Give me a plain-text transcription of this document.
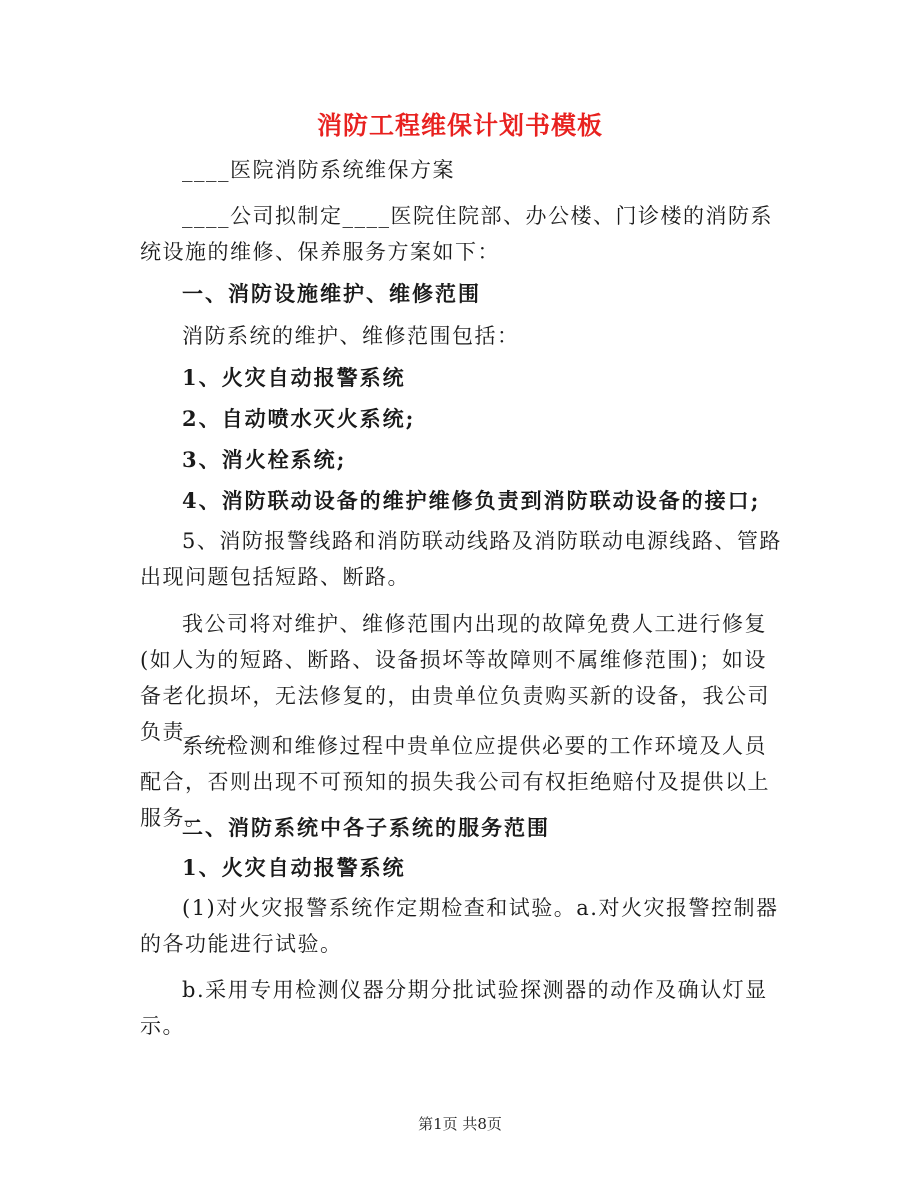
消防工程维保计划书模板

____医院消防系统维保方案

____公司拟制定____医院住院部、办公楼、门诊楼的消防系统设施的维修、保养服务方案如下：

一、消防设施维护、维修范围

消防系统的维护、维修范围包括：

1、火灾自动报警系统

2、自动喷水灭火系统;

3、消火栓系统;

4、消防联动设备的维护维修负责到消防联动设备的接口;

5、消防报警线路和消防联动线路及消防联动电源线路、管路出现问题包括短路、断路。

我公司将对维护、维修范围内出现的故障免费人工进行修复(如人为的短路、断路、设备损坏等故障则不属维修范围)；如设备老化损坏，无法修复的，由贵单位负责购买新的设备，我公司负责____。

系统检测和维修过程中贵单位应提供必要的工作环境及人员配合，否则出现不可预知的损失我公司有权拒绝赔付及提供以上服务。

二、消防系统中各子系统的服务范围

1、火灾自动报警系统

(1)对火灾报警系统作定期检查和试验。a.对火灾报警控制器的各功能进行试验。

b.采用专用检测仪器分期分批试验探测器的动作及确认灯显示。

第1页 共8页
